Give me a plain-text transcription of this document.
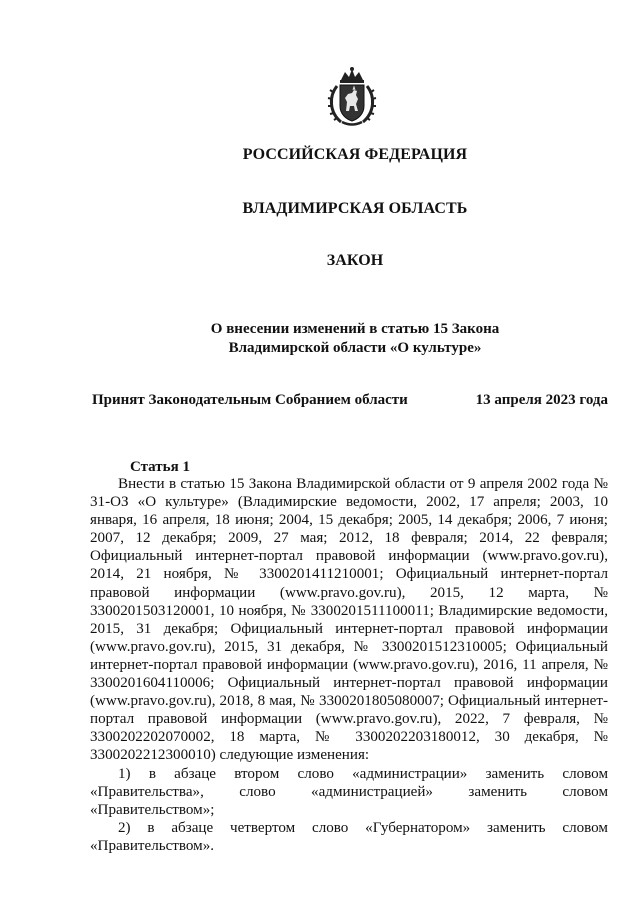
РОССИЙСКАЯ ФЕДЕРАЦИЯ
ВЛАДИМИРСКАЯ ОБЛАСТЬ
ЗАКОН
О внесении изменений в статью 15 Закона
Владимирской области «О культуре»
Принят Законодательным Собранием области	13 апреля 2023 года
Статья 1

Внести в статью 15 Закона Владимирской области от 9 апреля 2002 года № 31-ОЗ «О культуре» (Владимирские ведомости, 2002, 17 апреля; 2003, 10 января, 16 апреля, 18 июня; 2004, 15 декабря; 2005, 14 декабря; 2006, 7 июня; 2007, 12 декабря; 2009, 27 мая; 2012, 18 февраля; 2014, 22 февраля; Официальный интернет-портал правовой информации (www.pravo.gov.ru), 2014, 21 ноября, № 3300201411210001; Официальный интернет-портал правовой информации (www.pravo.gov.ru), 2015, 12 марта, № 3300201503120001, 10 ноября, № 3300201511100011; Владимирские ведомости, 2015, 31 декабря; Официальный интернет-портал правовой информации (www.pravo.gov.ru), 2015, 31 декабря, № 3300201512310005; Официальный интернет-портал правовой информации (www.pravo.gov.ru), 2016, 11 апреля, № 3300201604110006; Официальный интернет-портал правовой информации (www.pravo.gov.ru), 2018, 8 мая, № 3300201805080007; Официальный интернет-портал правовой информации (www.pravo.gov.ru), 2022, 7 февраля, № 3300202202070002, 18 марта, № 3300202203180012, 30 декабря, № 3300202212300010) следующие изменения:

1) в абзаце втором слово «администрации» заменить словом «Правительства», слово «администрацией» заменить словом «Правительством»;

2) в абзаце четвертом слово «Губернатором» заменить словом «Правительством».
